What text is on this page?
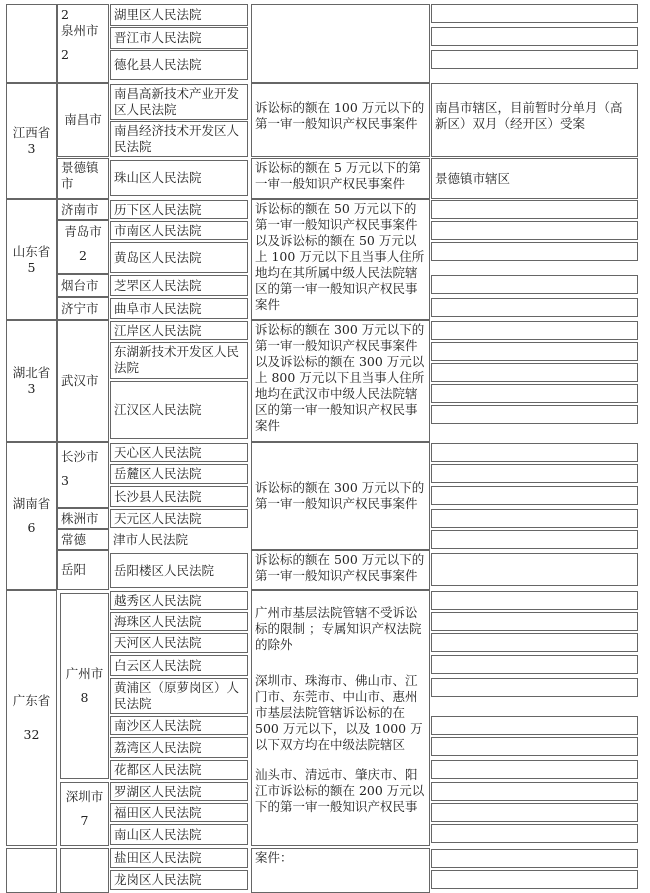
2
泉州市

2
湖里区人民法院
晋江市人民法院
德化县人民法院
江西省 3
南昌市
南昌高新技术产业开发区人民法院
南昌经济技术开发区人民法院
诉讼标的额在 100 万元以下的第一审一般知识产权民事案件
南昌市辖区，目前暂时分单月（高新区）双月（经开区）受案
景德镇市	珠山区人民法院
诉讼标的额在 5 万元以下的第一审一般知识产权民事案件	景德镇市辖区
山东省 5
济南市
青岛市

2
烟台市
济宁市
历下区人民法院
市南区人民法院
黄岛区人民法院
芝罘区人民法院
曲阜市人民法院
诉讼标的额在 50 万元以下的第一审一般知识产权民事案件以及诉讼标的额在 50 万元以上 100 万元以下且当事人住所地均在其所属中级人民法院辖区的第一审一般知识产权民事案件
湖北省 3
武汉市
江岸区人民法院
东湖新技术开发区人民法院
江汉区人民法院
诉讼标的额在 300 万元以下的第一审一般知识产权民事案件以及诉讼标的额在 300 万元以上 800 万元以下且当事人住所地均在武汉市中级人民法院辖区的第一审一般知识产权民事案件
湖南省
6
长沙市

3
株洲市
常德
岳阳
天心区人民法院
岳麓区人民法院
长沙县人民法院
天元区人民法院
津市人民法院
岳阳楼区人民法院
诉讼标的额在 300 万元以下的第一审一般知识产权民事案件
诉讼标的额在 500 万元以下的第一审一般知识产权民事案件
广东省
32
广州市
8
深圳市

7
越秀区人民法院
海珠区人民法院
天河区人民法院
白云区人民法院
黄浦区（原萝岗区）人民法院
南沙区人民法院
荔湾区人民法院
花都区人民法院
罗湖区人民法院
福田区人民法院
南山区人民法院
广州市基层法院管辖不受诉讼标的限制 ；专属知识产权法院的除外
深圳市、珠海市、佛山市、江门市、东莞市、中山市、惠州市基层法院管辖诉讼标的在 500 万元以下，以及 1000 万以下双方均在中级法院辖区
汕头市、清远市、肇庆市、阳江市诉讼标的额在 200 万元以下的第一审一般知识产权民事
盐田区人民法院
龙岗区人民法院
案件：
